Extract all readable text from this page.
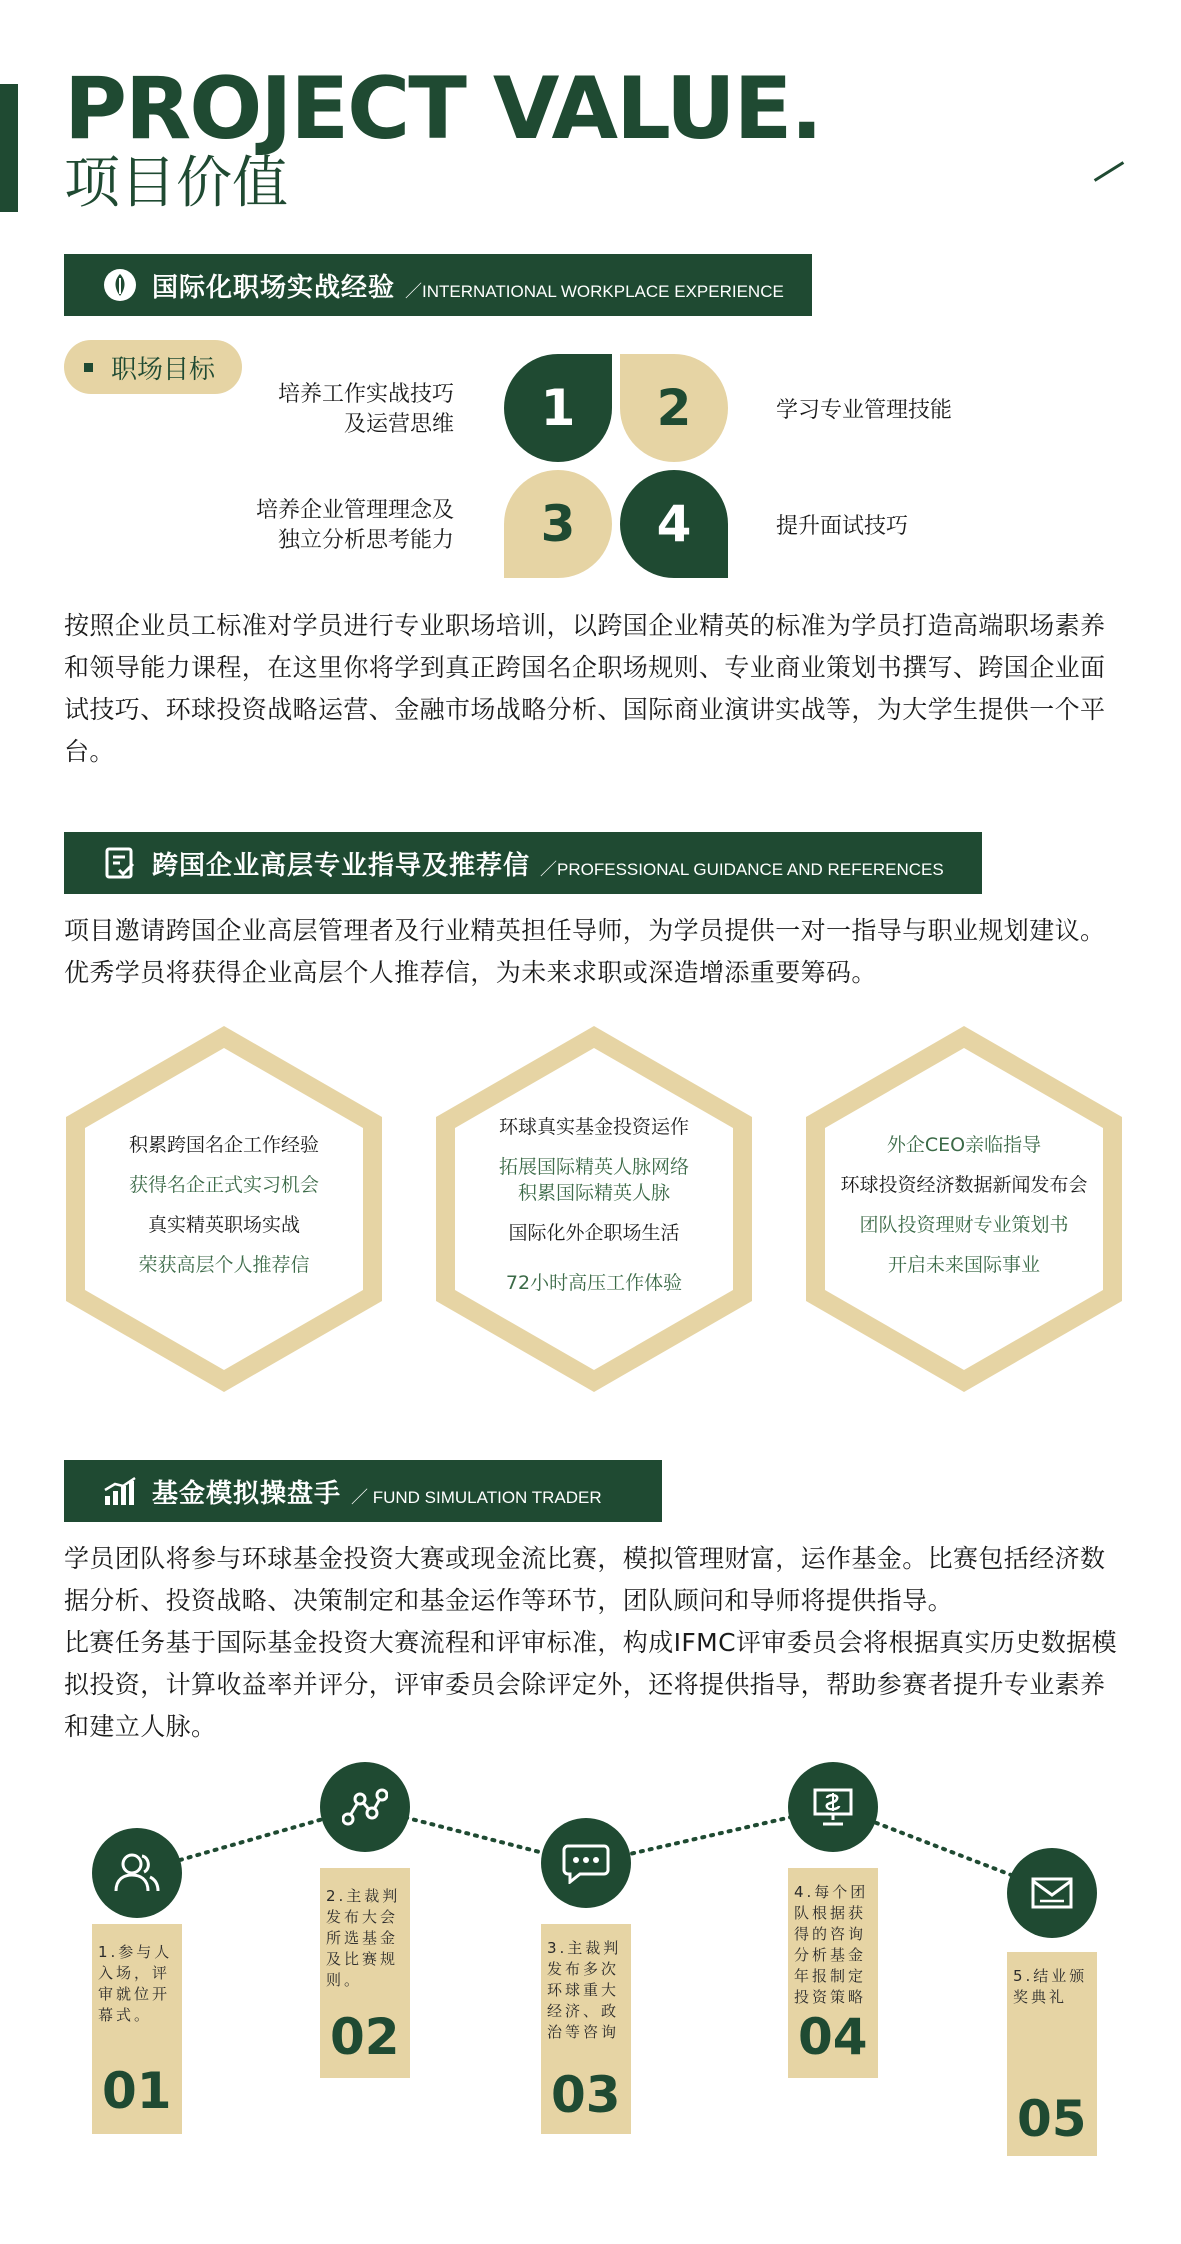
PROJECT VALUE.
项目价值
国际化职场实战经验 ／INTERNATIONAL WORKPLACE EXPERIENCE
职场目标
培养工作实战技巧
及运营思维
学习专业管理技能
培养企业管理理念及
独立分析思考能力
提升面试技巧
1 2
3 4
按照企业员工标准对学员进行专业职场培训，以跨国企业精英的标准为学员打造高端职场素养和领导能力课程，在这里你将学到真正跨国名企职场规则、专业商业策划书撰写、跨国企业面试技巧、环球投资战略运营、金融市场战略分析、国际商业演讲实战等，为大学生提供一个平台。
跨国企业高层专业指导及推荐信 ／PROFESSIONAL GUIDANCE AND REFERENCES
项目邀请跨国企业高层管理者及行业精英担任导师，为学员提供一对一指导与职业规划建议。优秀学员将获得企业高层个人推荐信，为未来求职或深造增添重要筹码。
积累跨国名企工作经验
获得名企正式实习机会
真实精英职场实战
荣获高层个人推荐信
环球真实基金投资运作
拓展国际精英人脉网络
积累国际精英人脉
国际化外企职场生活
72小时高压工作体验
外企CEO亲临指导
环球投资经济数据新闻发布会
团队投资理财专业策划书
开启未来国际事业
基金模拟操盘手 ／ FUND SIMULATION TRADER
学员团队将参与环球基金投资大赛或现金流比赛，模拟管理财富，运作基金。比赛包括经济数据分析、投资战略、决策制定和基金运作等环节，团队顾问和导师将提供指导。
比赛任务基于国际基金投资大赛流程和评审标准，构成IFMC评审委员会将根据真实历史数据模拟投资，计算收益率并评分，评审委员会除评定外，还将提供指导，帮助参赛者提升专业素养和建立人脉。
1.参与人入场，评审就位开幕式。
01
2.主裁判发布大会所选基金及比赛规则。
02
3.主裁判发布多次环球重大经济、政治等咨询
03
4.每个团队根据获得的咨询分析基金年报制定投资策略
04
5.结业颁奖典礼
05
